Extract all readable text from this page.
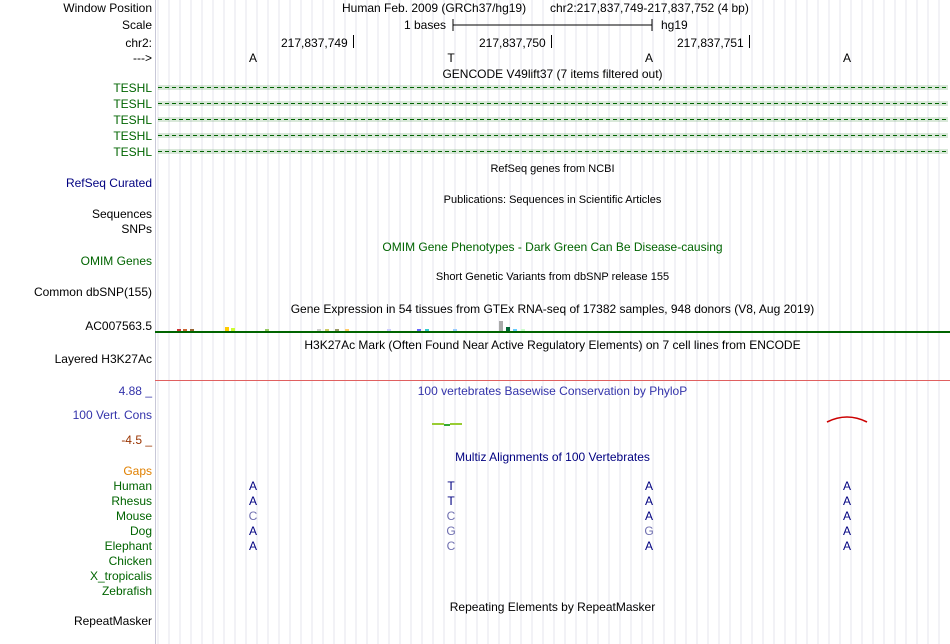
Window Position	Human Feb. 2009 (GRCh37/hg19) chr2:217,837,749-217,837,752 (4 bp)
Scale	1 bases	hg19
chr2:	217,837,749	217,837,750	217,837,751
--->	A	T	A	A
GENCODE V49lift37 (7 items filtered out)
TESHL
TESHL
TESHL
TESHL
TESHL
RefSeq genes from NCBI
RefSeq Curated
Publications: Sequences in Scientific Articles
Sequences
SNPs
OMIM Gene Phenotypes - Dark Green Can Be Disease-causing
OMIM Genes
Short Genetic Variants from dbSNP release 155
Common dbSNP(155)
Gene Expression in 54 tissues from GTEx RNA-seq of 17382 samples, 948 donors (V8, Aug 2019)
AC007563.5
H3K27Ac Mark (Often Found Near Active Regulatory Elements) on 7 cell lines from ENCODE
Layered H3K27Ac
100 vertebrates Basewise Conservation by PhyloP
4.88 _
100 Vert. Cons
-4.5 _
Multiz Alignments of 100 Vertebrates
Gaps
Human	A	T	A	A
Rhesus	A	T	A	A
Mouse	C	C	A	A
Dog	A	G	G	A
Elephant	A	C	A	A
Chicken
X_tropicalis
Zebrafish
Repeating Elements by RepeatMasker
RepeatMasker
